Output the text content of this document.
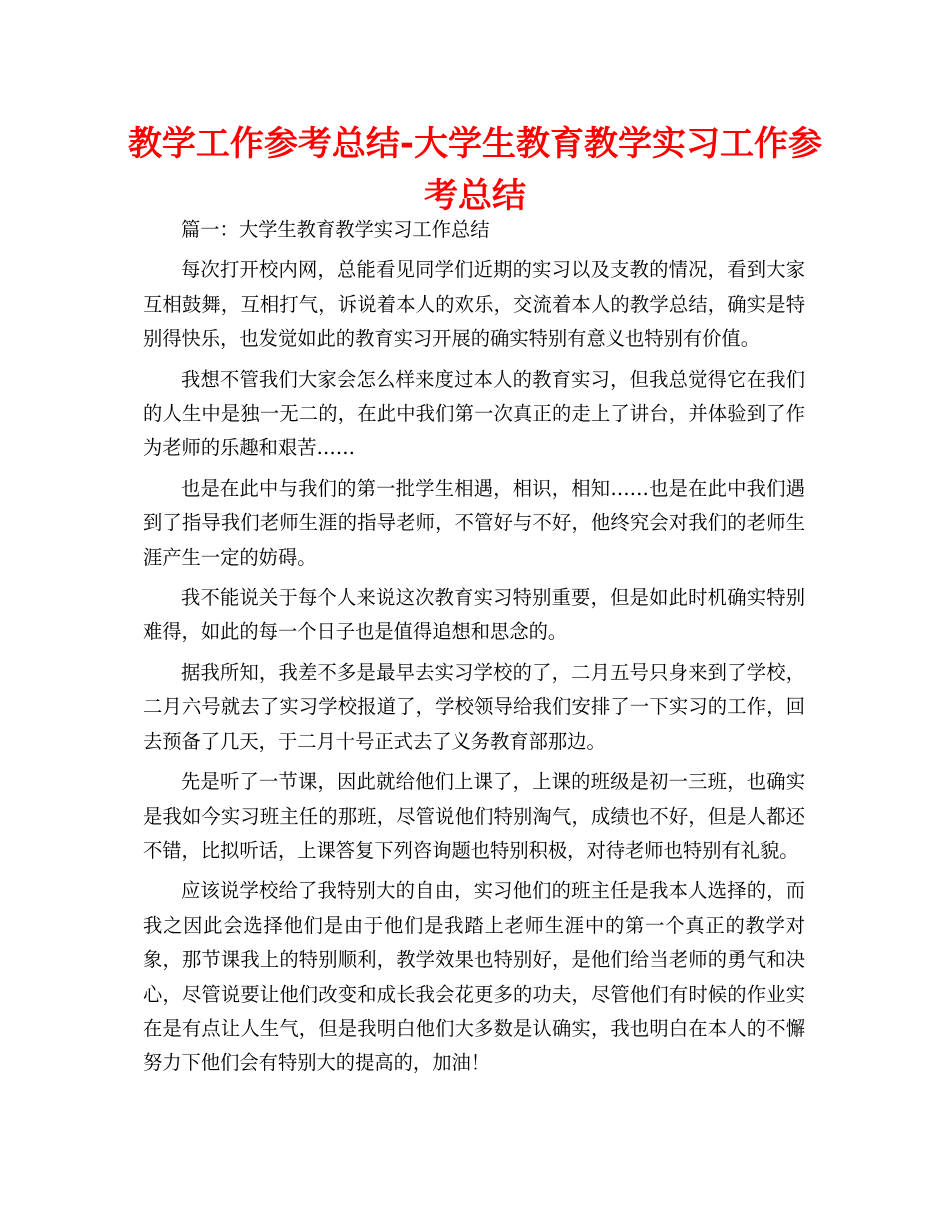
教学工作参考总结-大学生教育教学实习工作参考总结

篇一：大学生教育教学实习工作总结

每次打开校内网，总能看见同学们近期的实习以及支教的情况，看到大家互相鼓舞，互相打气，诉说着本人的欢乐，交流着本人的教学总结，确实是特别得快乐，也发觉如此的教育实习开展的确实特别有意义也特别有价值。

我想不管我们大家会怎么样来度过本人的教育实习，但我总觉得它在我们的人生中是独一无二的，在此中我们第一次真正的走上了讲台，并体验到了作为老师的乐趣和艰苦……

也是在此中与我们的第一批学生相遇，相识，相知……也是在此中我们遇到了指导我们老师生涯的指导老师，不管好与不好，他终究会对我们的老师生涯产生一定的妨碍。

我不能说关于每个人来说这次教育实习特别重要，但是如此时机确实特别难得，如此的每一个日子也是值得追想和思念的。

据我所知，我差不多是最早去实习学校的了，二月五号只身来到了学校，二月六号就去了实习学校报道了，学校领导给我们安排了一下实习的工作，回去预备了几天，于二月十号正式去了义务教育部那边。

先是听了一节课，因此就给他们上课了，上课的班级是初一三班，也确实是我如今实习班主任的那班，尽管说他们特别淘气，成绩也不好，但是人都还不错，比拟听话，上课答复下列咨询题也特别积极，对待老师也特别有礼貌。

应该说学校给了我特别大的自由，实习他们的班主任是我本人选择的，而我之因此会选择他们是由于他们是我踏上老师生涯中的第一个真正的教学对象，那节课我上的特别顺利，教学效果也特别好，是他们给当老师的勇气和决心，尽管说要让他们改变和成长我会花更多的功夫，尽管他们有时候的作业实在是有点让人生气，但是我明白他们大多数是认确实，我也明白在本人的不懈努力下他们会有特别大的提高的，加油！
